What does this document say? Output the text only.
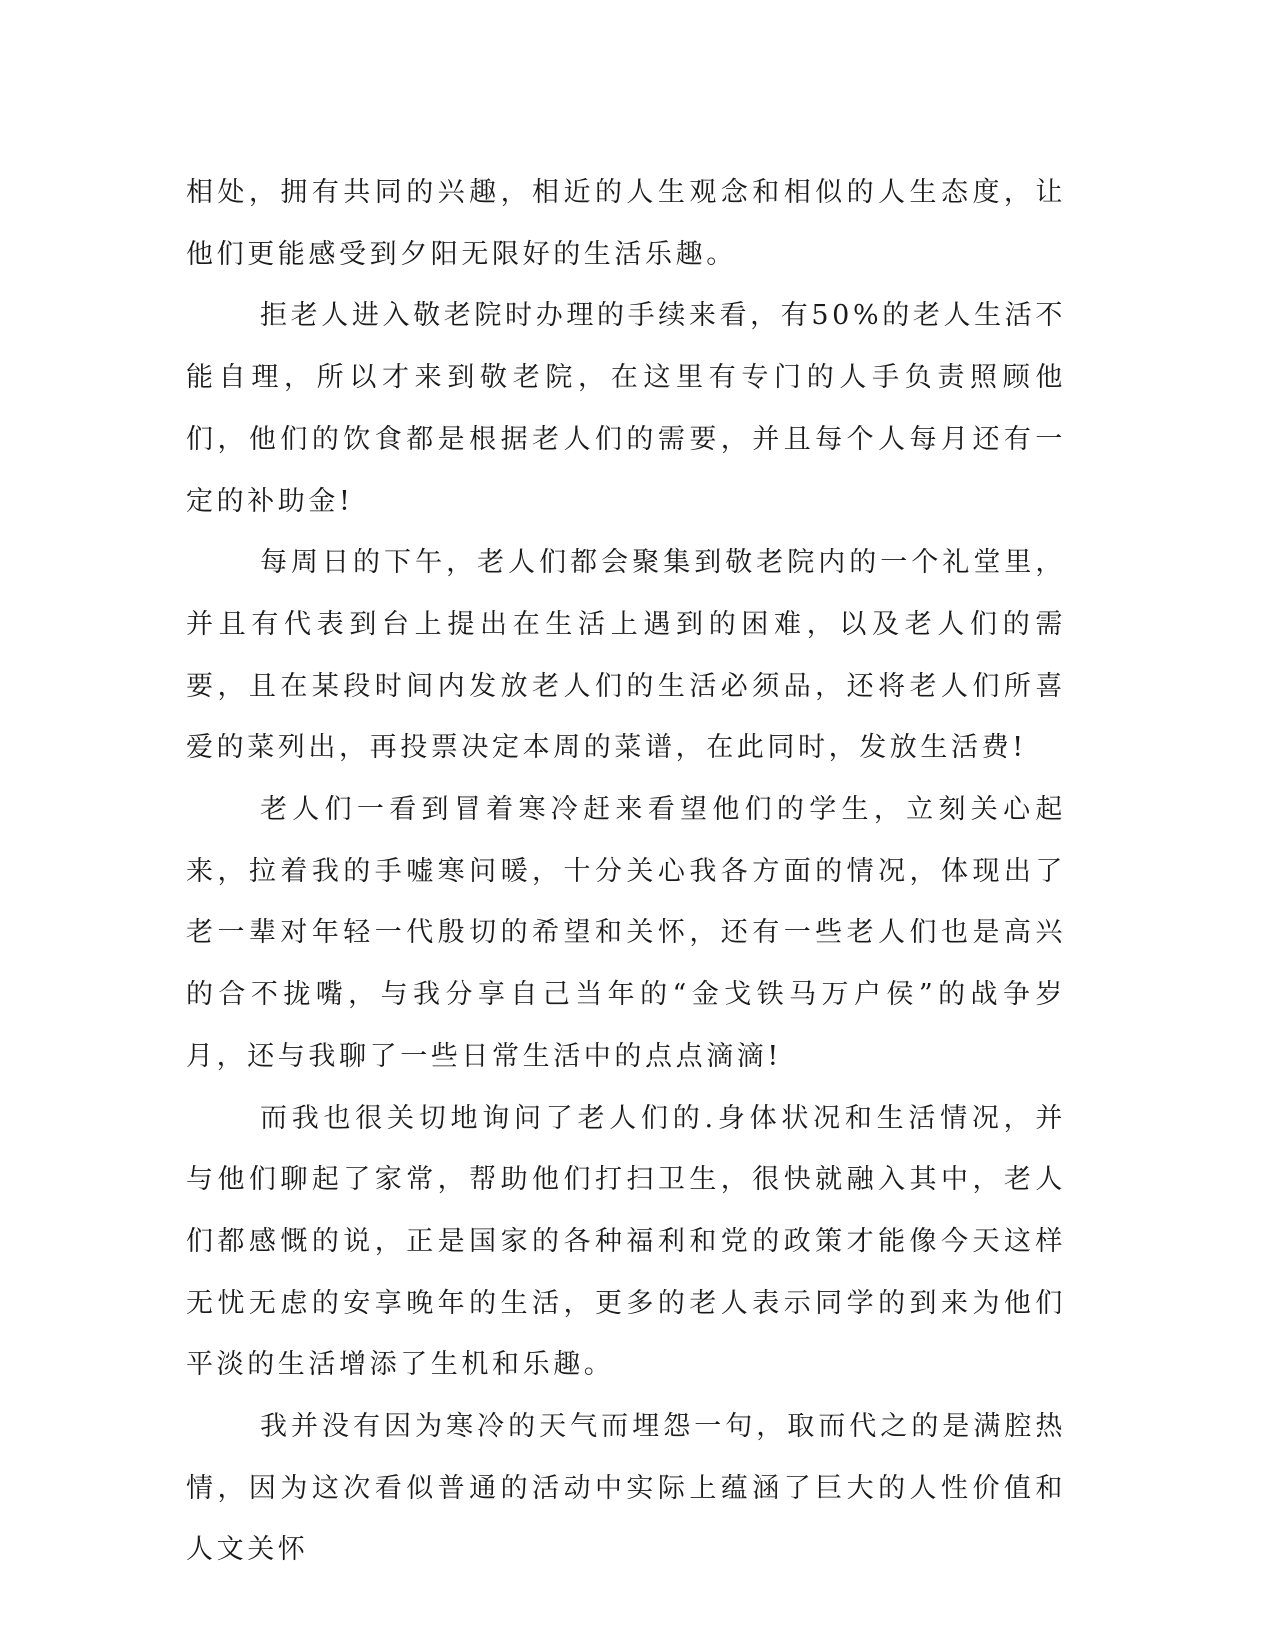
相处，拥有共同的兴趣，相近的人生观念和相似的人生态度，让他们更能感受到夕阳无限好的生活乐趣。

拒老人进入敬老院时办理的手续来看，有50%的老人生活不能自理，所以才来到敬老院，在这里有专门的人手负责照顾他们，他们的饮食都是根据老人们的需要，并且每个人每月还有一定的补助金!

每周日的下午，老人们都会聚集到敬老院内的一个礼堂里，并且有代表到台上提出在生活上遇到的困难，以及老人们的需要，且在某段时间内发放老人们的生活必须品，还将老人们所喜爱的菜列出，再投票决定本周的菜谱，在此同时，发放生活费!

老人们一看到冒着寒冷赶来看望他们的学生，立刻关心起来，拉着我的手嘘寒问暖，十分关心我各方面的情况，体现出了老一辈对年轻一代殷切的希望和关怀，还有一些老人们也是高兴的合不拢嘴，与我分享自己当年的“金戈铁马万户侯”的战争岁月，还与我聊了一些日常生活中的点点滴滴!

而我也很关切地询问了老人们的.身体状况和生活情况，并与他们聊起了家常，帮助他们打扫卫生，很快就融入其中，老人们都感慨的说，正是国家的各种福利和党的政策才能像今天这样无忧无虑的安享晚年的生活，更多的老人表示同学的到来为他们平淡的生活增添了生机和乐趣。

我并没有因为寒冷的天气而埋怨一句，取而代之的是满腔热情，因为这次看似普通的活动中实际上蕴涵了巨大的人性价值和人文关怀
